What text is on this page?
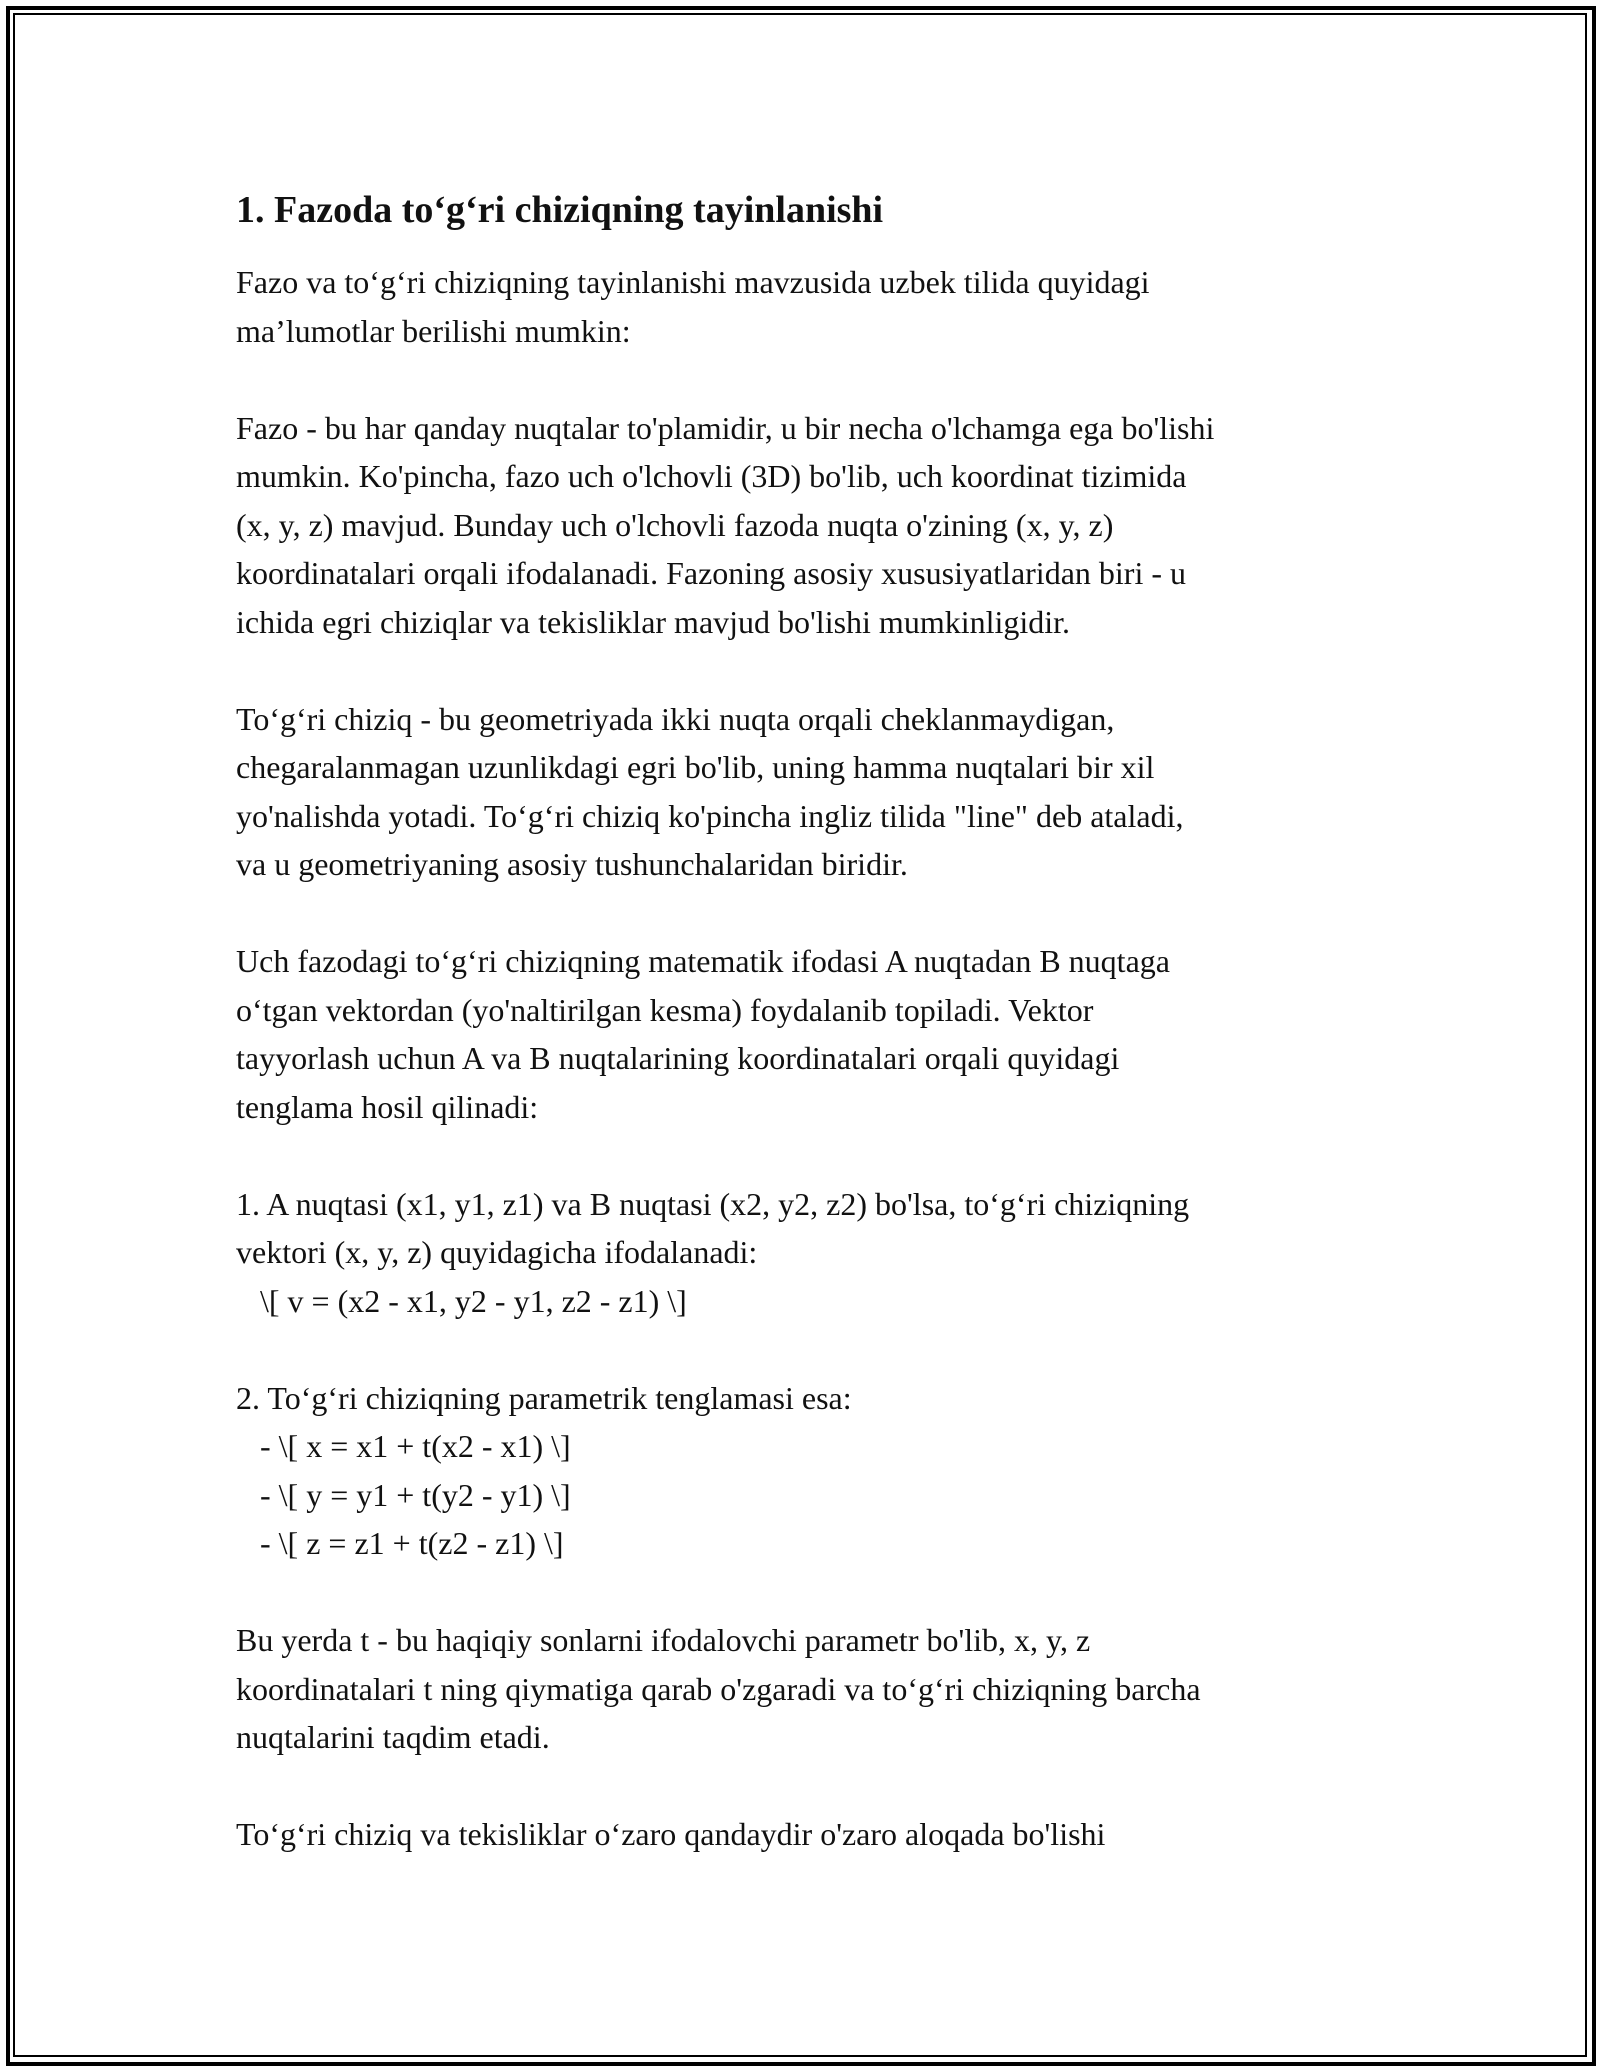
1. Fazoda to‘g‘ri chiziqning tayinlanishi
Fazo va to‘g‘ri chiziqning tayinlanishi mavzusida uzbek tilida quyidagi
ma’lumotlar berilishi mumkin:
Fazo - bu har qanday nuqtalar to'plamidir, u bir necha o'lchamga ega bo'lishi
mumkin. Ko'pincha, fazo uch o'lchovli (3D) bo'lib, uch koordinat tizimida
(x, y, z) mavjud. Bunday uch o'lchovli fazoda nuqta o'zining (x, y, z)
koordinatalari orqali ifodalanadi. Fazoning asosiy xususiyatlaridan biri - u
ichida egri chiziqlar va tekisliklar mavjud bo'lishi mumkinligidir.
To‘g‘ri chiziq - bu geometriyada ikki nuqta orqali cheklanmaydigan,
chegaralanmagan uzunlikdagi egri bo'lib, uning hamma nuqtalari bir xil
yo'nalishda yotadi. To‘g‘ri chiziq ko'pincha ingliz tilida "line" deb ataladi,
va u geometriyaning asosiy tushunchalaridan biridir.
Uch fazodagi to‘g‘ri chiziqning matematik ifodasi A nuqtadan B nuqtaga
o‘tgan vektordan (yo'naltirilgan kesma) foydalanib topiladi. Vektor
tayyorlash uchun A va B nuqtalarining koordinatalari orqali quyidagi
tenglama hosil qilinadi:
1. A nuqtasi (x1, y1, z1) va B nuqtasi (x2, y2, z2) bo'lsa, to‘g‘ri chiziqning
vektori (x, y, z) quyidagicha ifodalanadi:
\[ v = (x2 - x1, y2 - y1, z2 - z1) \]
2. To‘g‘ri chiziqning parametrik tenglamasi esa:
- \[ x = x1 + t(x2 - x1) \]
- \[ y = y1 + t(y2 - y1) \]
- \[ z = z1 + t(z2 - z1) \]
Bu yerda t - bu haqiqiy sonlarni ifodalovchi parametr bo'lib, x, y, z
koordinatalari t ning qiymatiga qarab o'zgaradi va to‘g‘ri chiziqning barcha
nuqtalarini taqdim etadi.
To‘g‘ri chiziq va tekisliklar o‘zaro qandaydir o'zaro aloqada bo'lishi
